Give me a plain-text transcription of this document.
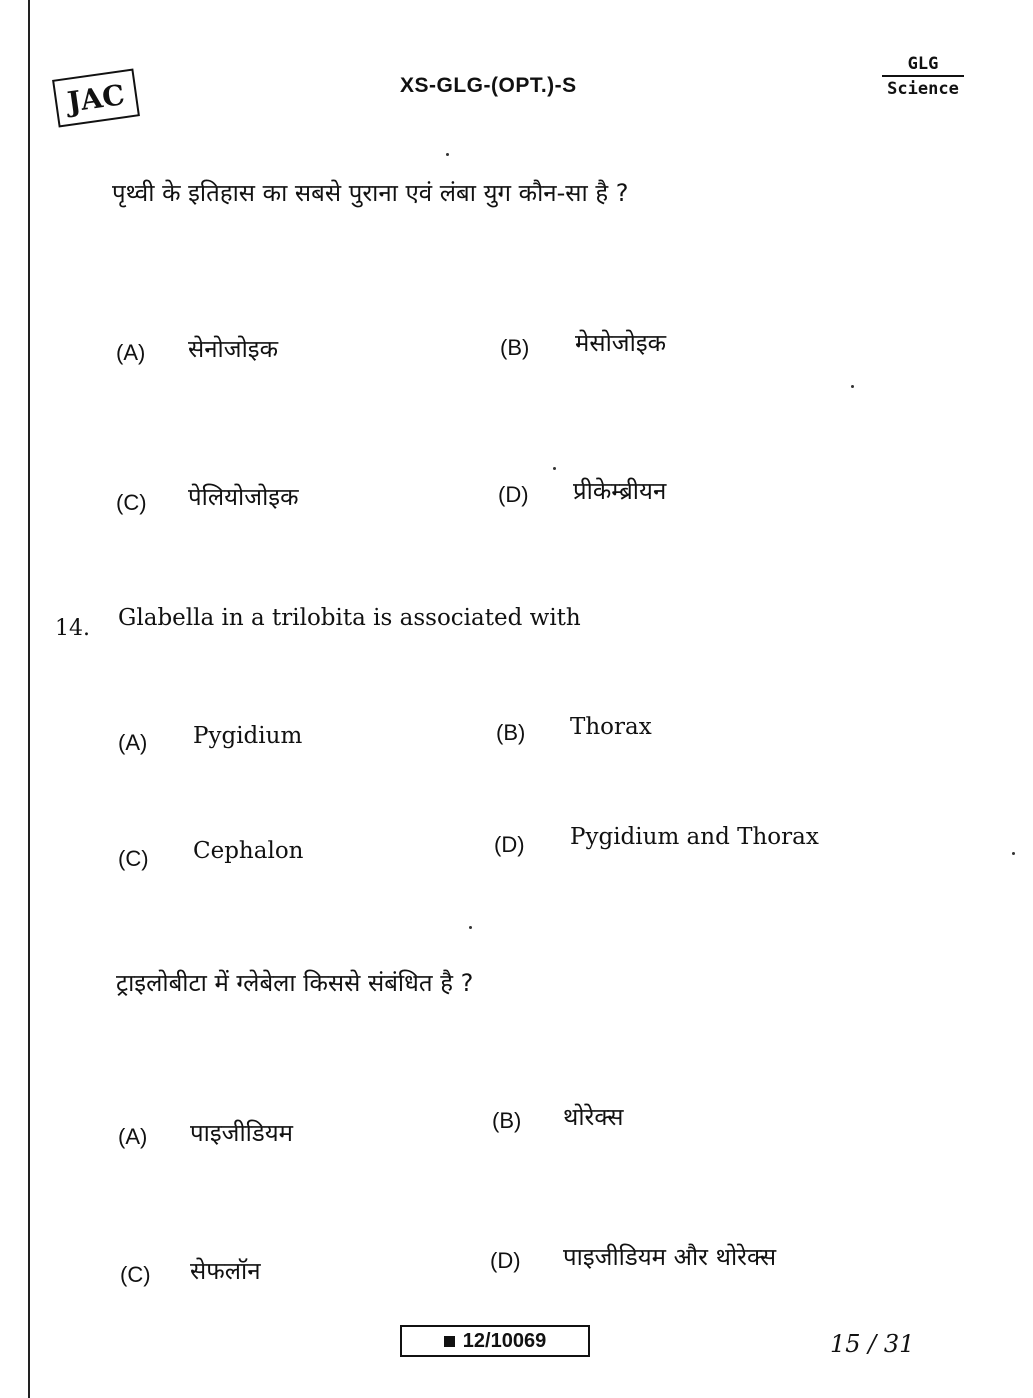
JAC	XS-GLG-(OPT.)-S
GLG
Science
पृथ्वी के इतिहास का सबसे पुराना एवं लंबा युग कौन-सा है ?
(A) सेनोजोइक	(B) मेसोजोइक
(C) पेलियोजोइक	(D) प्रीकेम्ब्रीयन
14. Glabella in a trilobita is associated with
(A) Pygidium	(B) Thorax
(C) Cephalon	(D) Pygidium and Thorax
ट्राइलोबीटा में ग्लेबेला किससे संबंधित है ?
(A) पाइजीडियम	(B) थोरेक्स
(C) सेफलॉन	(D) पाइजीडियम और थोरेक्स
12/10069	15 / 31
